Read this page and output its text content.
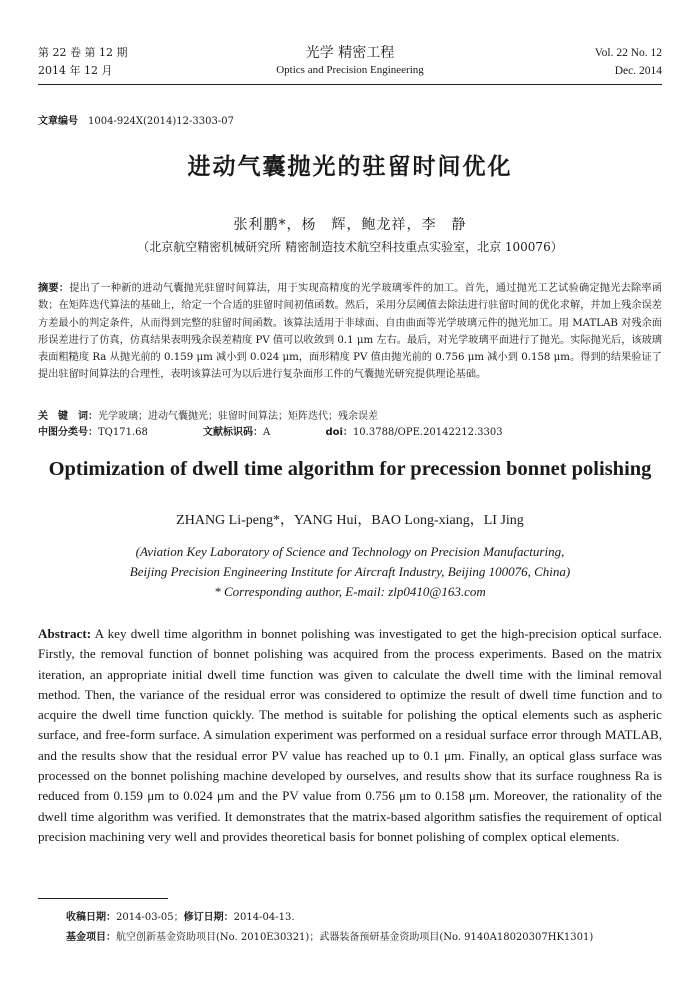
第 22 卷 第 12 期
2014 年 12 月
光学 精密工程
Optics and Precision Engineering
Vol. 22 No. 12
Dec. 2014
文章编号 1004-924X(2014)12-3303-07
进动气囊抛光的驻留时间优化
张利鹏*，杨　辉，鲍龙祥，李　静
（北京航空精密机械研究所 精密制造技术航空科技重点实验室，北京 100076）
摘要：提出了一种新的进动气囊抛光驻留时间算法，用于实现高精度的光学玻璃零件的加工。首先，通过抛光工艺试验确定抛光去除率函数；在矩阵迭代算法的基础上，给定一个合适的驻留时间初值函数。然后，采用分层阈值去除法进行驻留时间的优化求解，并加上残余误差方差最小的判定条件，从而得到完整的驻留时间函数。该算法适用于非球面、自由曲面等光学玻璃元件的抛光加工。用 MATLAB 对残余面形误差进行了仿真，仿真结果表明残余误差精度 PV 值可以收敛到 0.1 μm 左右。最后，对光学玻璃平面进行了抛光。实际抛光后，该玻璃表面粗糙度 Ra 从抛光前的 0.159 μm 减小到 0.024 μm，面形精度 PV 值由抛光前的 0.756 μm 减小到 0.158 μm。得到的结果验证了提出驻留时间算法的合理性，表明该算法可为以后进行复杂面形工件的气囊抛光研究提供理论基础。
关　键　词：光学玻璃；进动气囊抛光；驻留时间算法；矩阵迭代；残余误差
中图分类号：TQ171.68	文献标识码：A	doi：10.3788/OPE.20142212.3303
Optimization of dwell time algorithm for precession bonnet polishing
ZHANG Li-peng*，YANG Hui，BAO Long-xiang，LI Jing
(Aviation Key Laboratory of Science and Technology on Precision Manufacturing,
Beijing Precision Engineering Institute for Aircraft Industry, Beijing 100076, China)
* Corresponding author, E-mail: zlp0410@163.com
Abstract: A key dwell time algorithm in bonnet polishing was investigated to get the high-precision optical surface. Firstly, the removal function of bonnet polishing was acquired from the process experiments. Based on the matrix iteration, an appropriate initial dwell time function was given to calculate the dwell time with the liminal removal method. Then, the variance of the residual error was considered to optimize the result of dwell time function and to acquire the dwell time function quickly. The method is suitable for polishing the optical elements such as aspheric surface, and free-form surface. A simulation experiment was performed on a residual surface error through MATLAB, and the results show that the residual error PV value has reached up to 0.1 μm. Finally, an optical glass surface was processed on the bonnet polishing machine developed by ourselves, and results show that its surface roughness Ra is reduced from 0.159 μm to 0.024 μm and the PV value from 0.756 μm to 0.158 μm. Moreover, the rationality of the dwell time algorithm was verified. It demonstrates that the matrix-based algorithm satisfies the requirement of optical precision machining very well and provides theoretical basis for bonnet polishing of complex optical elements.
收稿日期：2014-03-05；修订日期：2014-04-13.
基金项目：航空创新基金资助项目(No. 2010E30321)；武器装备预研基金资助项目(No. 9140A18020307HK1301)
